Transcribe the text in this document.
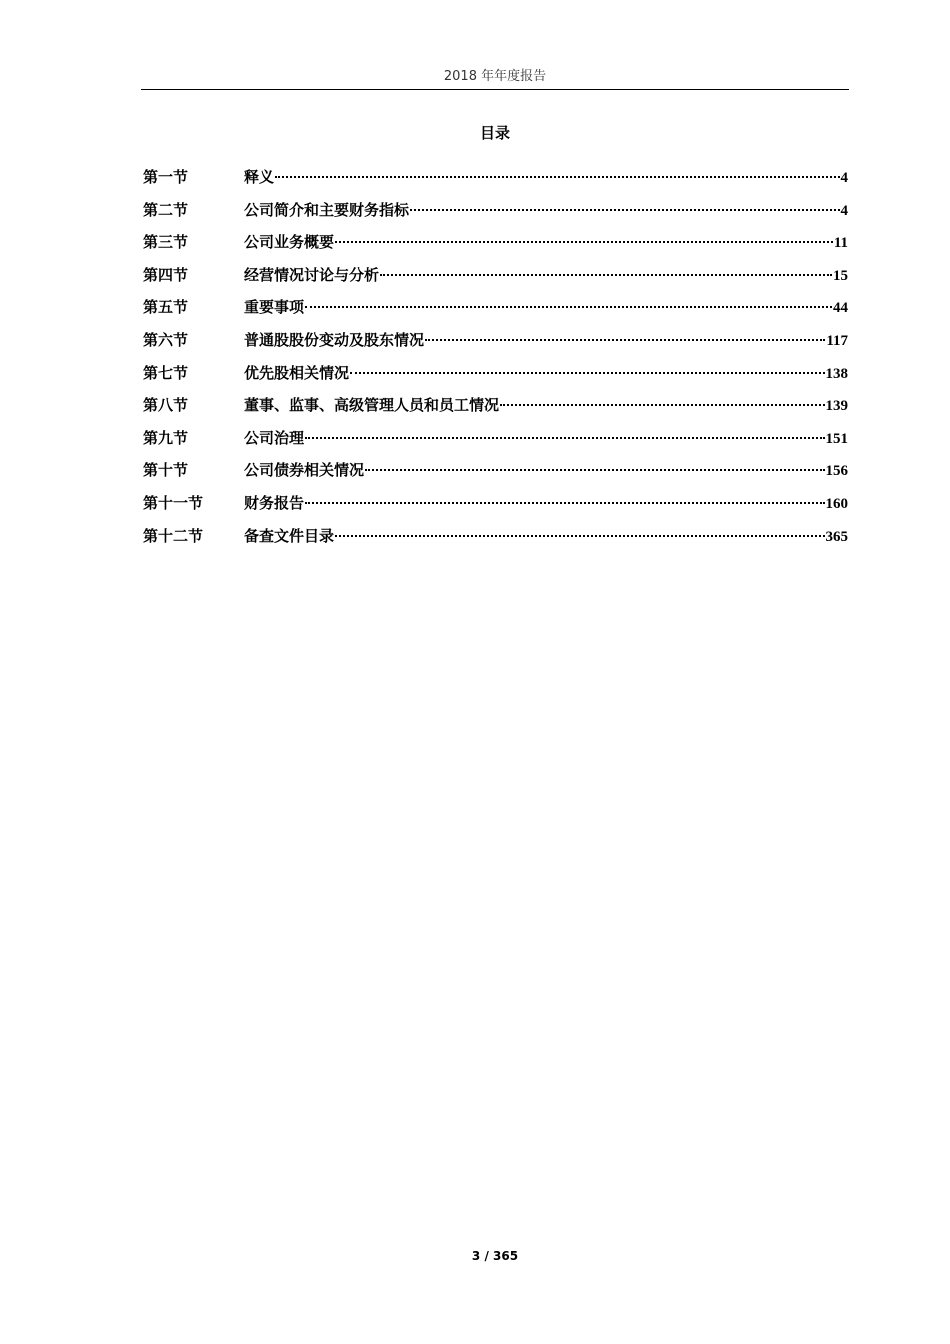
2018 年年度报告
目录
第一节	释义	4
第二节	公司简介和主要财务指标	4
第三节	公司业务概要	11
第四节	经营情况讨论与分析	15
第五节	重要事项	44
第六节	普通股股份变动及股东情况	117
第七节	优先股相关情况	138
第八节	董事、监事、高级管理人员和员工情况	139
第九节	公司治理	151
第十节	公司债券相关情况	156
第十一节	财务报告	160
第十二节	备查文件目录	365
3 / 365
